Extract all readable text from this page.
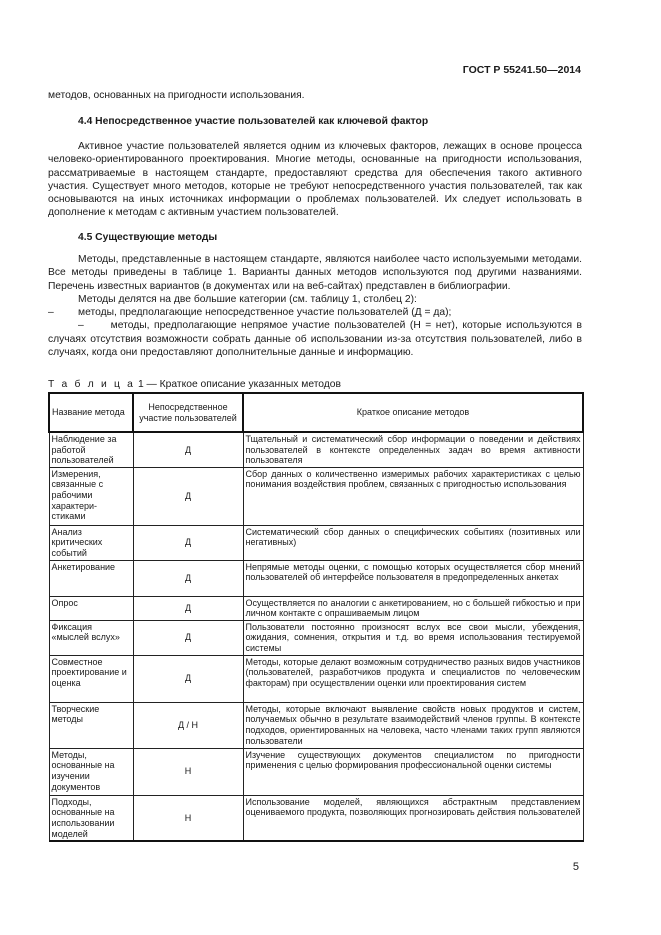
ГОСТ Р 55241.50—2014

методов, основанных на пригодности использования.

4.4 Непосредственное участие пользователей как ключевой фактор

Активное участие пользователей является одним из ключевых факторов, лежащих в основе процесса человеко-ориентированного проектирования. Многие методы, основанные на пригодности использования, рассматриваемые в настоящем стандарте, предоставляют средства для обеспечения такого активного участия. Существует много методов, которые не требуют непосредственного участия пользователей, так как основываются на иных источниках информации о проблемах пользователей. Их следует использовать в дополнение к методам с активным участием пользователей.

4.5 Существующие методы

Методы, представленные в настоящем стандарте, являются наиболее часто используемыми методами. Все методы приведены в таблице 1. Варианты данных методов используются под другими названиями. Перечень известных вариантов (в документах или на веб-сайтах) представлен в библиографии.

Методы делятся на две большие категории (см. таблицу 1, столбец 2):

–	методы, предполагающие непосредственное участие пользователей (Д = да);

–	методы, предполагающие непрямое участие пользователей (Н = нет), которые используются в случаях отсутствия возможности собрать данные об использовании из-за отсутствия пользователей, либо в случаях, когда они предоставляют дополнительные данные и информацию.

Т а б л и ц а 1 — Краткое описание указанных методов
Название метода	Непосредственное участие пользователей	Краткое описание методов
Наблюдение за работой пользователей	Д	Тщательный и систематический сбор информации о поведении и действиях пользователей в контексте определенных задач во время активности пользователя
Измерения, связанные с рабочими характери-стиками	Д	Сбор данных о количественно измеримых рабочих характеристиках с целью понимания воздействия проблем, связанных с пригодностью использования
Анализ критических событий	Д	Систематический сбор данных о специфических событиях (позитивных или негативных)
Анкетирование	Д	Непрямые методы оценки, с помощью которых осуществляется сбор мнений пользователей об интерфейсе пользователя в предопределенных анкетах
Опрос	Д	Осуществляется по аналогии с анкетированием, но с большей гибкостью и при личном контакте с опрашиваемым лицом
Фиксация «мыслей вслух»	Д	Пользователи постоянно произносят вслух все свои мысли, убеждения, ожидания, сомнения, открытия и т.д. во время использования тестируемой системы
Совместное проектирование и оценка	Д	Методы, которые делают возможным сотрудничество разных видов участников (пользователей, разработчиков продукта и специалистов по человеческим факторам) при осуществлении оценки или проектирования систем
Творческие методы	Д / Н	Методы, которые включают выявление свойств новых продуктов и систем, получаемых обычно в результате взаимодействий членов группы. В контексте подходов, ориентированных на человека, часто членами таких групп являются пользователи
Методы, основанные на изучении документов	Н	Изучение существующих документов специалистом по пригодности применения с целью формирования профессиональной оценки системы
Подходы, основанные на использовании моделей	Н	Использование моделей, являющихся абстрактным представлением оцениваемого продукта, позволяющих прогнозировать действия пользователей
5
